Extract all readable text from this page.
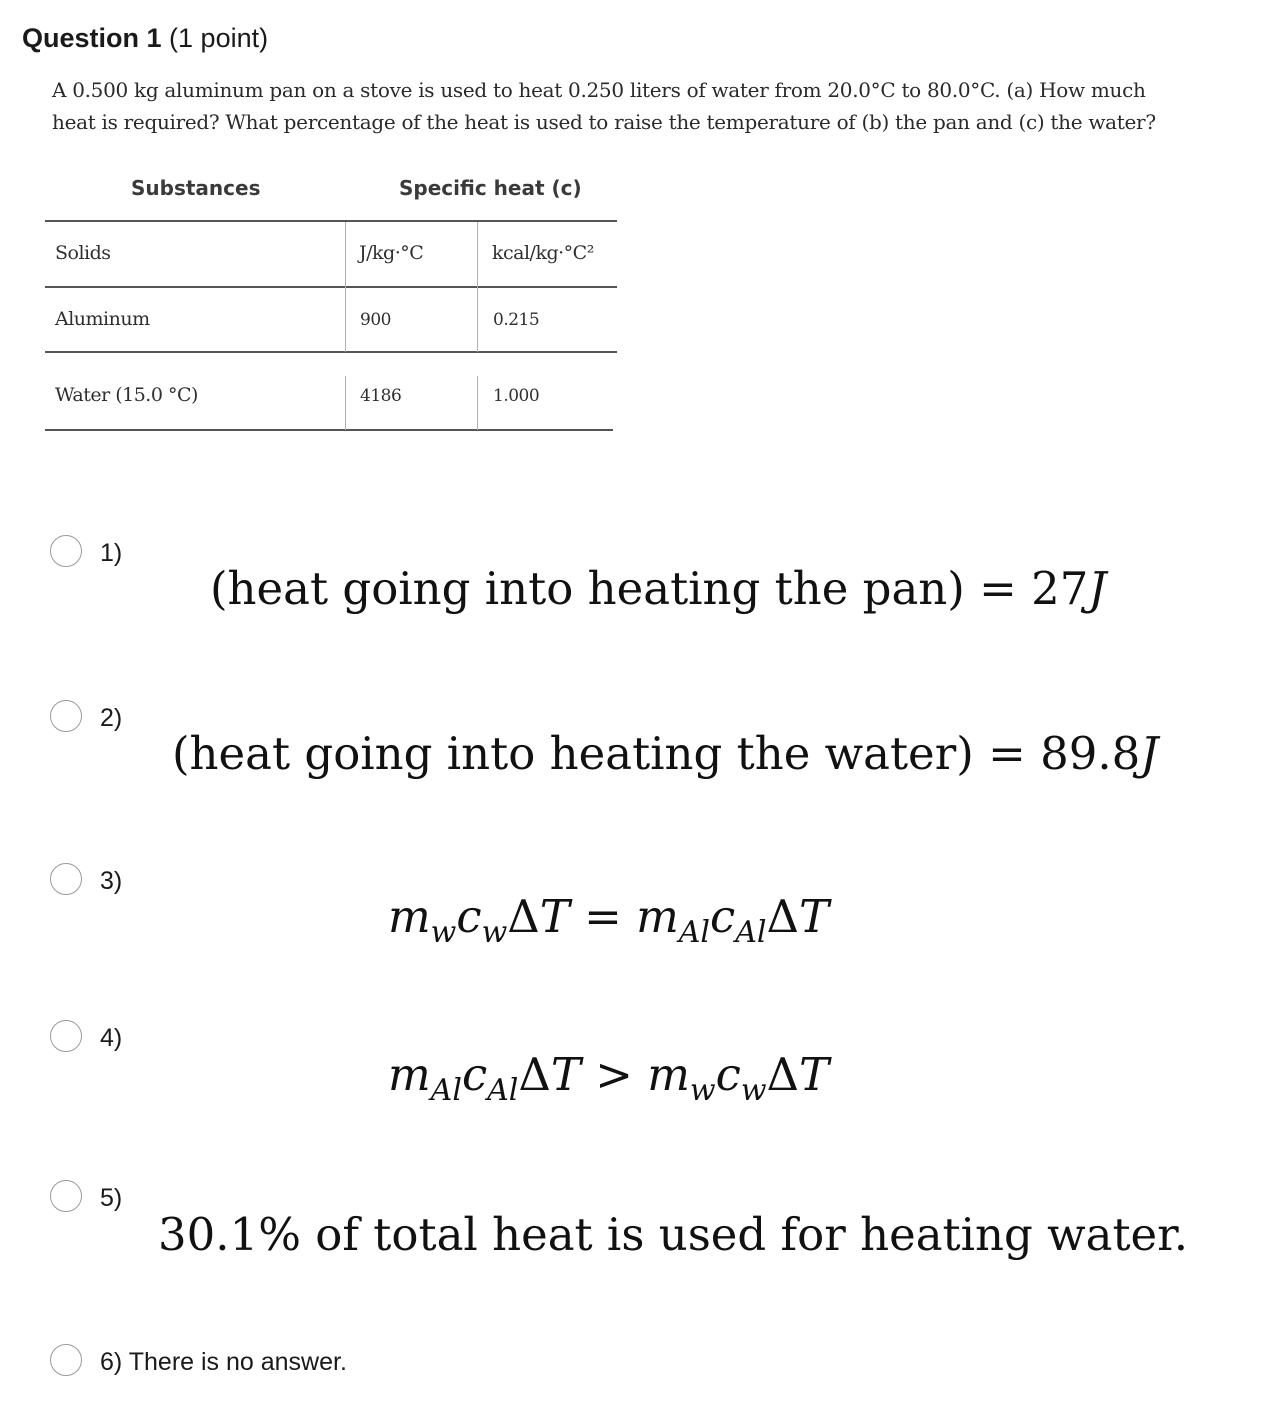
Question 1 (1 point)
A 0.500 kg aluminum pan on a stove is used to heat 0.250 liters of water from 20.0°C to 80.0°C. (a) How much heat is required? What percentage of the heat is used to raise the temperature of (b) the pan and (c) the water?
Substances	Specific heat (c)
Solids	J/kg·°C	kcal/kg·°C²
Aluminum	900	0.215
Water (15.0 °C)	4186	1.000
1)
(heat going into heating the pan) = 27J
2)
(heat going into heating the water) = 89.8J
3)
$m_wc_w\Delta T = m_{Al}c_{Al}\Delta T$
4)
$m_{Al}c_{Al}\Delta T > m_wc_w\Delta T$
5)
30.1% of total heat is used for heating water.
6) There is no answer.
